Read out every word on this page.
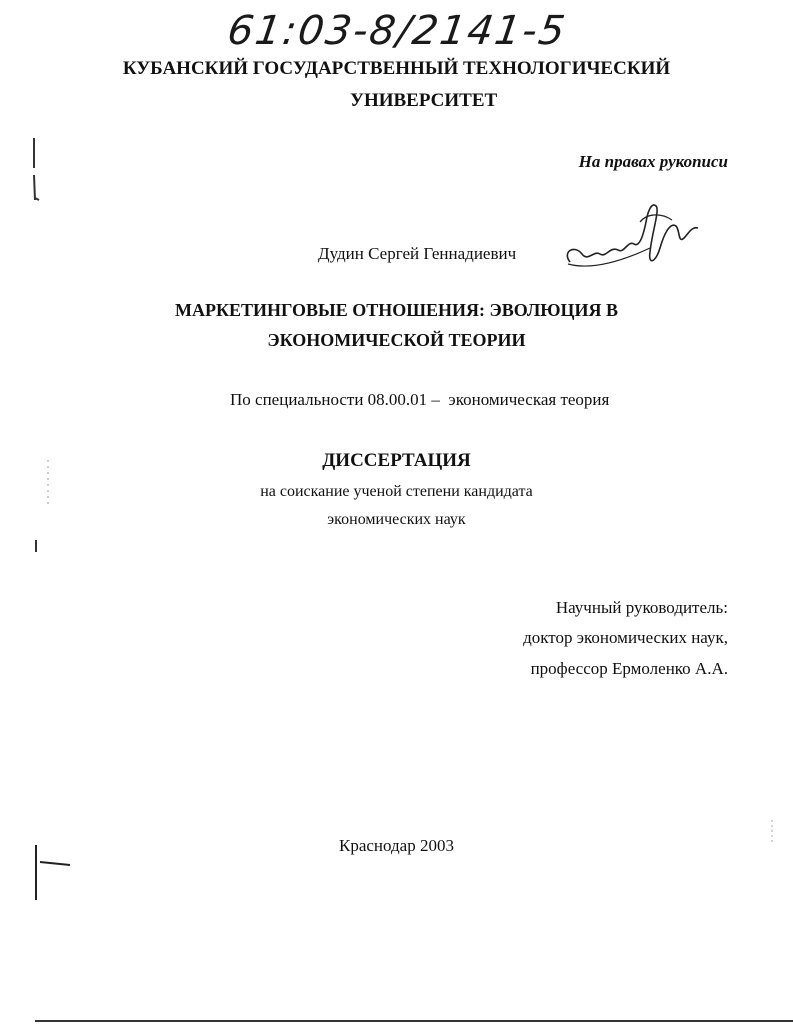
61:03-8/2141-5
КУБАНСКИЙ ГОСУДАРСТВЕННЫЙ ТЕХНОЛОГИЧЕСКИЙ
УНИВЕРСИТЕТ
На правах рукописи
Дудин Сергей Геннадиевич
МАРКЕТИНГОВЫЕ ОТНОШЕНИЯ: ЭВОЛЮЦИЯ В
ЭКОНОМИЧЕСКОЙ ТЕОРИИ
По специальности 08.00.01 –  экономическая теория
ДИССЕРТАЦИЯ
на соискание ученой степени кандидата
экономических наук
Научный руководитель:
доктор экономических наук,
профессор Ермоленко А.А.
Краснодар 2003
